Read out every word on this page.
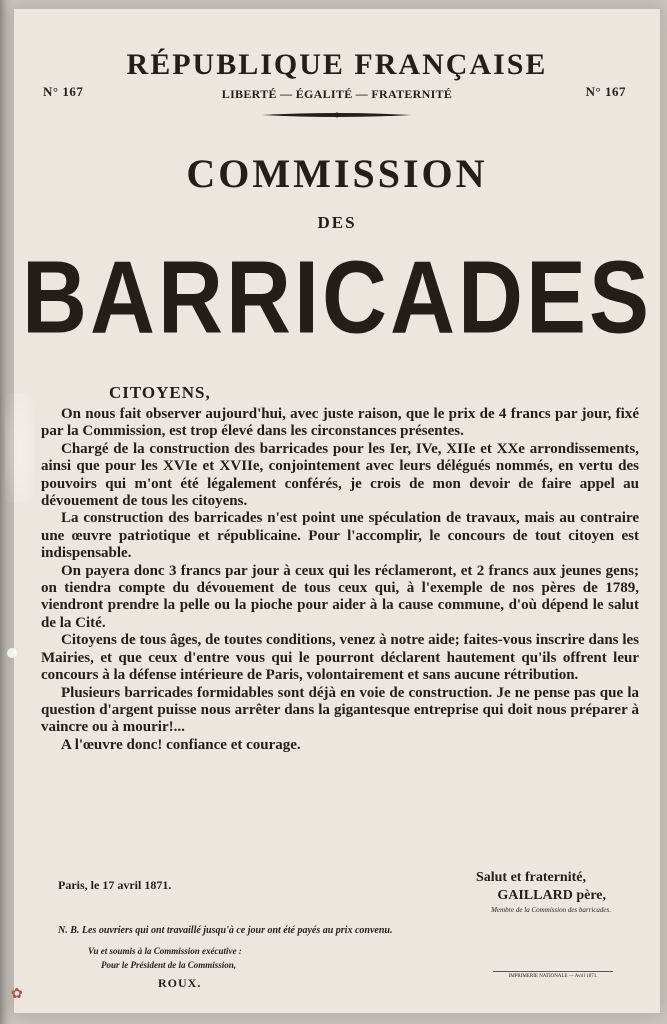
✿
N° 167	N° 167
RÉPUBLIQUE FRANÇAISE
LIBERTÉ — ÉGALITÉ — FRATERNITÉ
COMMISSION
DES
BARRICADES
CITOYENS,

On nous fait observer aujourd'hui, avec juste raison, que le prix de 4 francs par jour, fixé par la Commission, est trop élevé dans les circonstances présentes.

Chargé de la construction des barricades pour les Ier, IVe, XIIe et XXe arrondissements, ainsi que pour les XVIe et XVIIe, conjointement avec leurs délégués nommés, en vertu des pouvoirs qui m'ont été légalement conférés, je crois de mon devoir de faire appel au dévouement de tous les citoyens.

La construction des barricades n'est point une spéculation de travaux, mais au contraire une œuvre patriotique et républicaine. Pour l'accomplir, le concours de tout citoyen est indispensable.

On payera donc 3 francs par jour à ceux qui les réclameront, et 2 francs aux jeunes gens; on tiendra compte du dévouement de tous ceux qui, à l'exemple de nos pères de 1789, viendront prendre la pelle ou la pioche pour aider à la cause commune, d'où dépend le salut de la Cité.

Citoyens de tous âges, de toutes conditions, venez à notre aide; faites-vous inscrire dans les Mairies, et que ceux d'entre vous qui le pourront déclarent hautement qu'ils offrent leur concours à la défense intérieure de Paris, volontairement et sans aucune rétribution.

Plusieurs barricades formidables sont déjà en voie de construction. Je ne pense pas que la question d'argent puisse nous arrêter dans la gigantesque entreprise qui doit nous préparer à vaincre ou à mourir!...

A l'œuvre donc! confiance et courage.

Paris, le 17 avril 1871.	Salut et fraternité,
GAILLARD père,
Membre de la Commission des barricades.
N. B. Les ouvriers qui ont travaillé jusqu'à ce jour ont été payés au prix convenu.
Vu et soumis à la Commission exécutive :
Pour le Président de la Commission,
ROUX.	IMPRIMERIE NATIONALE — Avril 1871.
